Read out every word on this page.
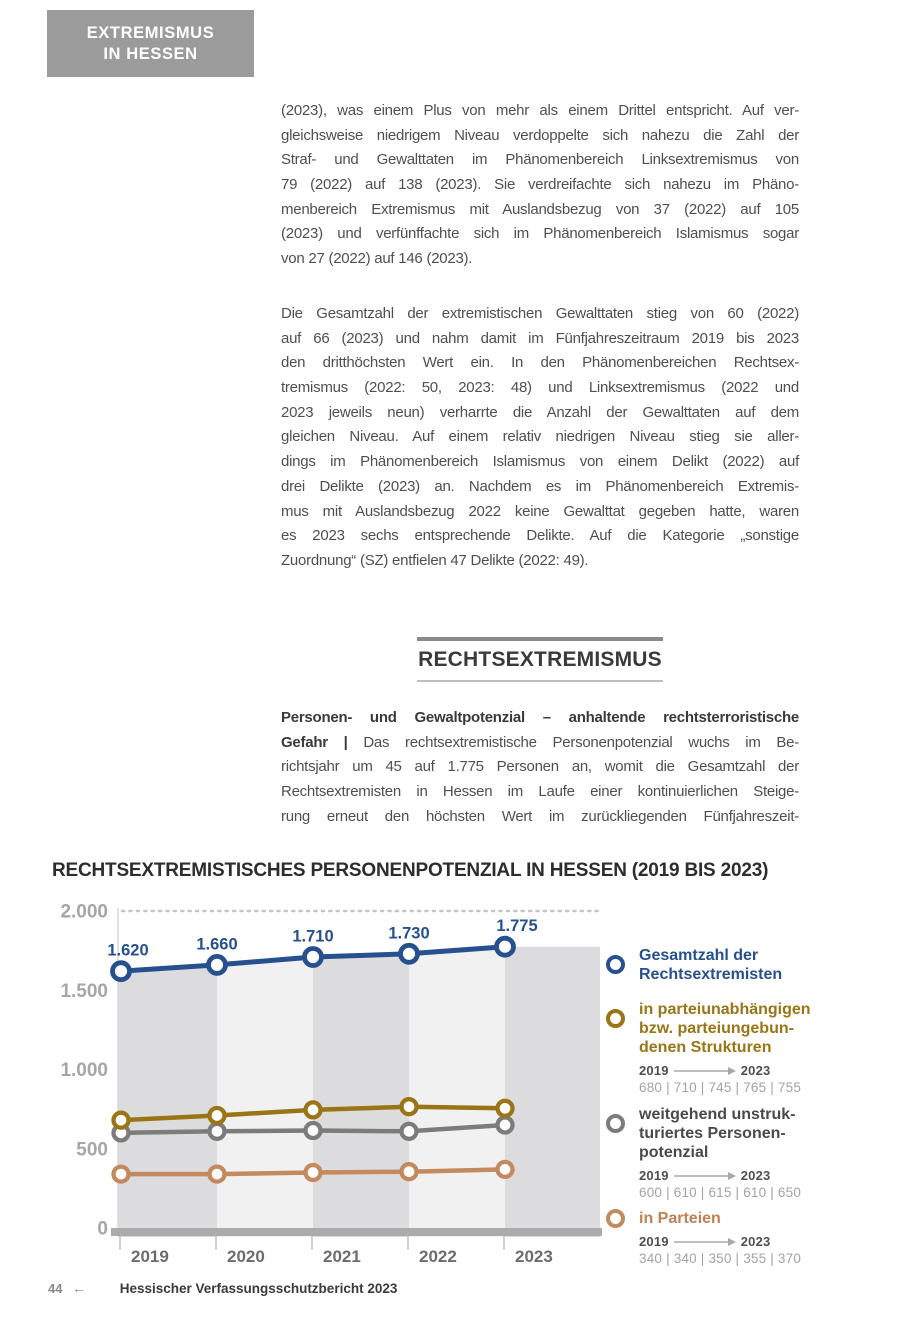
EXTREMISMUS
IN HESSEN
(2023), was einem Plus von mehr als einem Drittel entspricht. Auf ver-
gleichsweise niedrigem Niveau verdoppelte sich nahezu die Zahl der
Straf- und Gewalttaten im Phänomenbereich Linksextremismus von
79 (2022) auf 138 (2023). Sie verdreifachte sich nahezu im Phäno-
menbereich Extremismus mit Auslandsbezug von 37 (2022) auf 105
(2023) und verfünffachte sich im Phänomenbereich Islamismus sogar
von 27 (2022) auf 146 (2023).
Die Gesamtzahl der extremistischen Gewalttaten stieg von 60 (2022)
auf 66 (2023) und nahm damit im Fünfjahreszeitraum 2019 bis 2023
den dritthöchsten Wert ein. In den Phänomenbereichen Rechtsex-
tremismus (2022: 50, 2023: 48) und Linksextremismus (2022 und
2023 jeweils neun) verharrte die Anzahl der Gewalttaten auf dem
gleichen Niveau. Auf einem relativ niedrigen Niveau stieg sie aller-
dings im Phänomenbereich Islamismus von einem Delikt (2022) auf
drei Delikte (2023) an. Nachdem es im Phänomenbereich Extremis-
mus mit Auslandsbezug 2022 keine Gewalttat gegeben hatte, waren
es 2023 sechs entsprechende Delikte. Auf die Kategorie „sonstige
Zuordnung“ (SZ) entfielen 47 Delikte (2022: 49).
RECHTSEXTREMISMUS
Personen- und Gewaltpotenzial – anhaltende rechtsterroristische
Gefahr | Das rechtsextremistische Personenpotenzial wuchs im Be-
richtsjahr um 45 auf 1.775 Personen an, womit die Gesamtzahl der
Rechtsextremisten in Hessen im Laufe einer kontinuierlichen Steige-
rung erneut den höchsten Wert im zurückliegenden Fünfjahreszeit-
RECHTSEXTREMISTISCHES PERSONENPOTENZIAL IN HESSEN (2019 BIS 2023)
2019	2020	2021	2022	2023
2.000
1.500
1.000
500
0
1.620	1.660	1.710	1.730	1.775
Gesamtzahl der
Rechtsextremisten
in parteiunabhängigen
bzw. parteiungebun-
denen Strukturen
2019	2023
680 | 710 | 745 | 765 | 755
weitgehend unstruk-
turiertes Personen-
potenzial
2019	2023
600 | 610 | 615 | 610 | 650
in Parteien
2019	2023
340 | 340 | 350 | 355 | 370
44 ← Hessischer Verfassungsschutzbericht 2023
